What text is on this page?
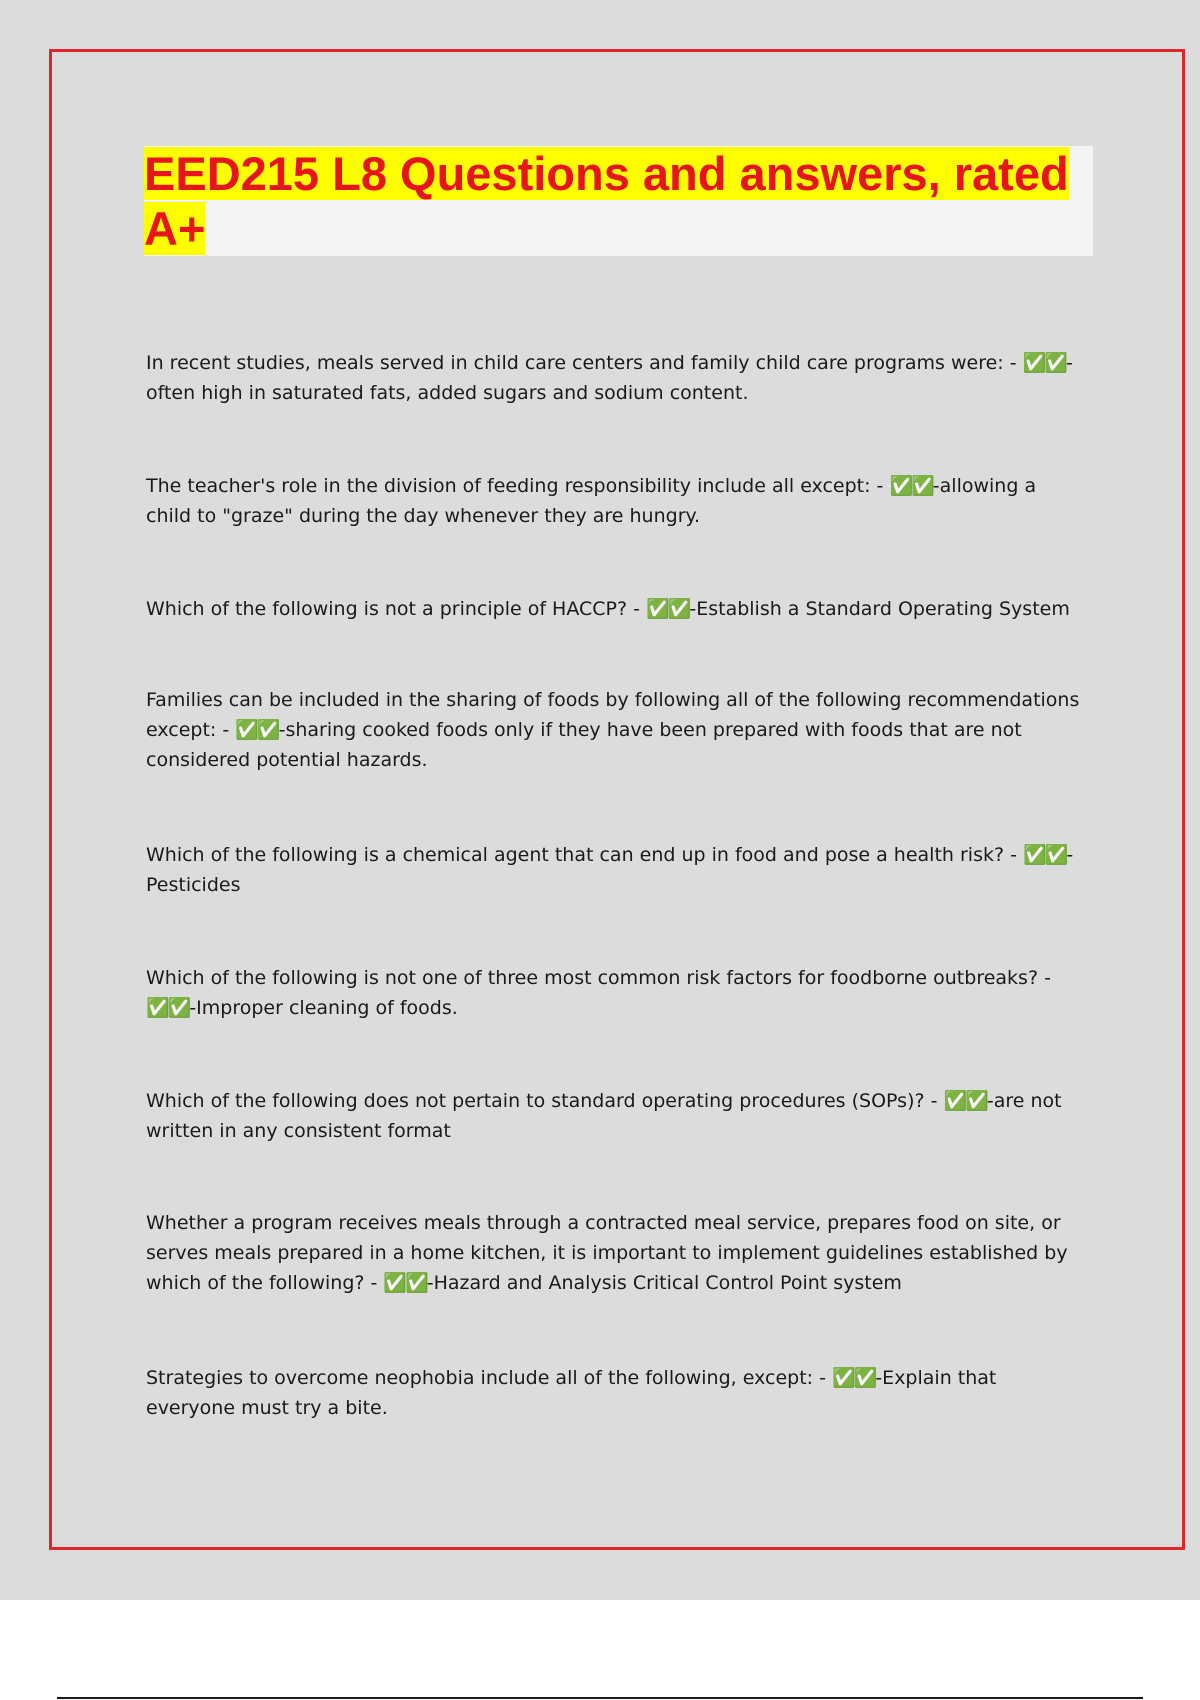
EED215 L8 Questions and answers, rated A+

In recent studies, meals served in child care centers and family child care programs were: - ✅✅-often high in saturated fats, added sugars and sodium content.

The teacher's role in the division of feeding responsibility include all except: - ✅✅-allowing a child to "graze" during the day whenever they are hungry.

Which of the following is not a principle of HACCP? - ✅✅-Establish a Standard Operating System

Families can be included in the sharing of foods by following all of the following recommendations except: - ✅✅-sharing cooked foods only if they have been prepared with foods that are not considered potential hazards.

Which of the following is a chemical agent that can end up in food and pose a health risk? - ✅✅-Pesticides

Which of the following is not one of three most common risk factors for foodborne outbreaks? - ✅✅-Improper cleaning of foods.

Which of the following does not pertain to standard operating procedures (SOPs)? - ✅✅-are not written in any consistent format

Whether a program receives meals through a contracted meal service, prepares food on site, or serves meals prepared in a home kitchen, it is important to implement guidelines established by which of the following? - ✅✅-Hazard and Analysis Critical Control Point system

Strategies to overcome neophobia include all of the following, except: - ✅✅-Explain that everyone must try a bite.
